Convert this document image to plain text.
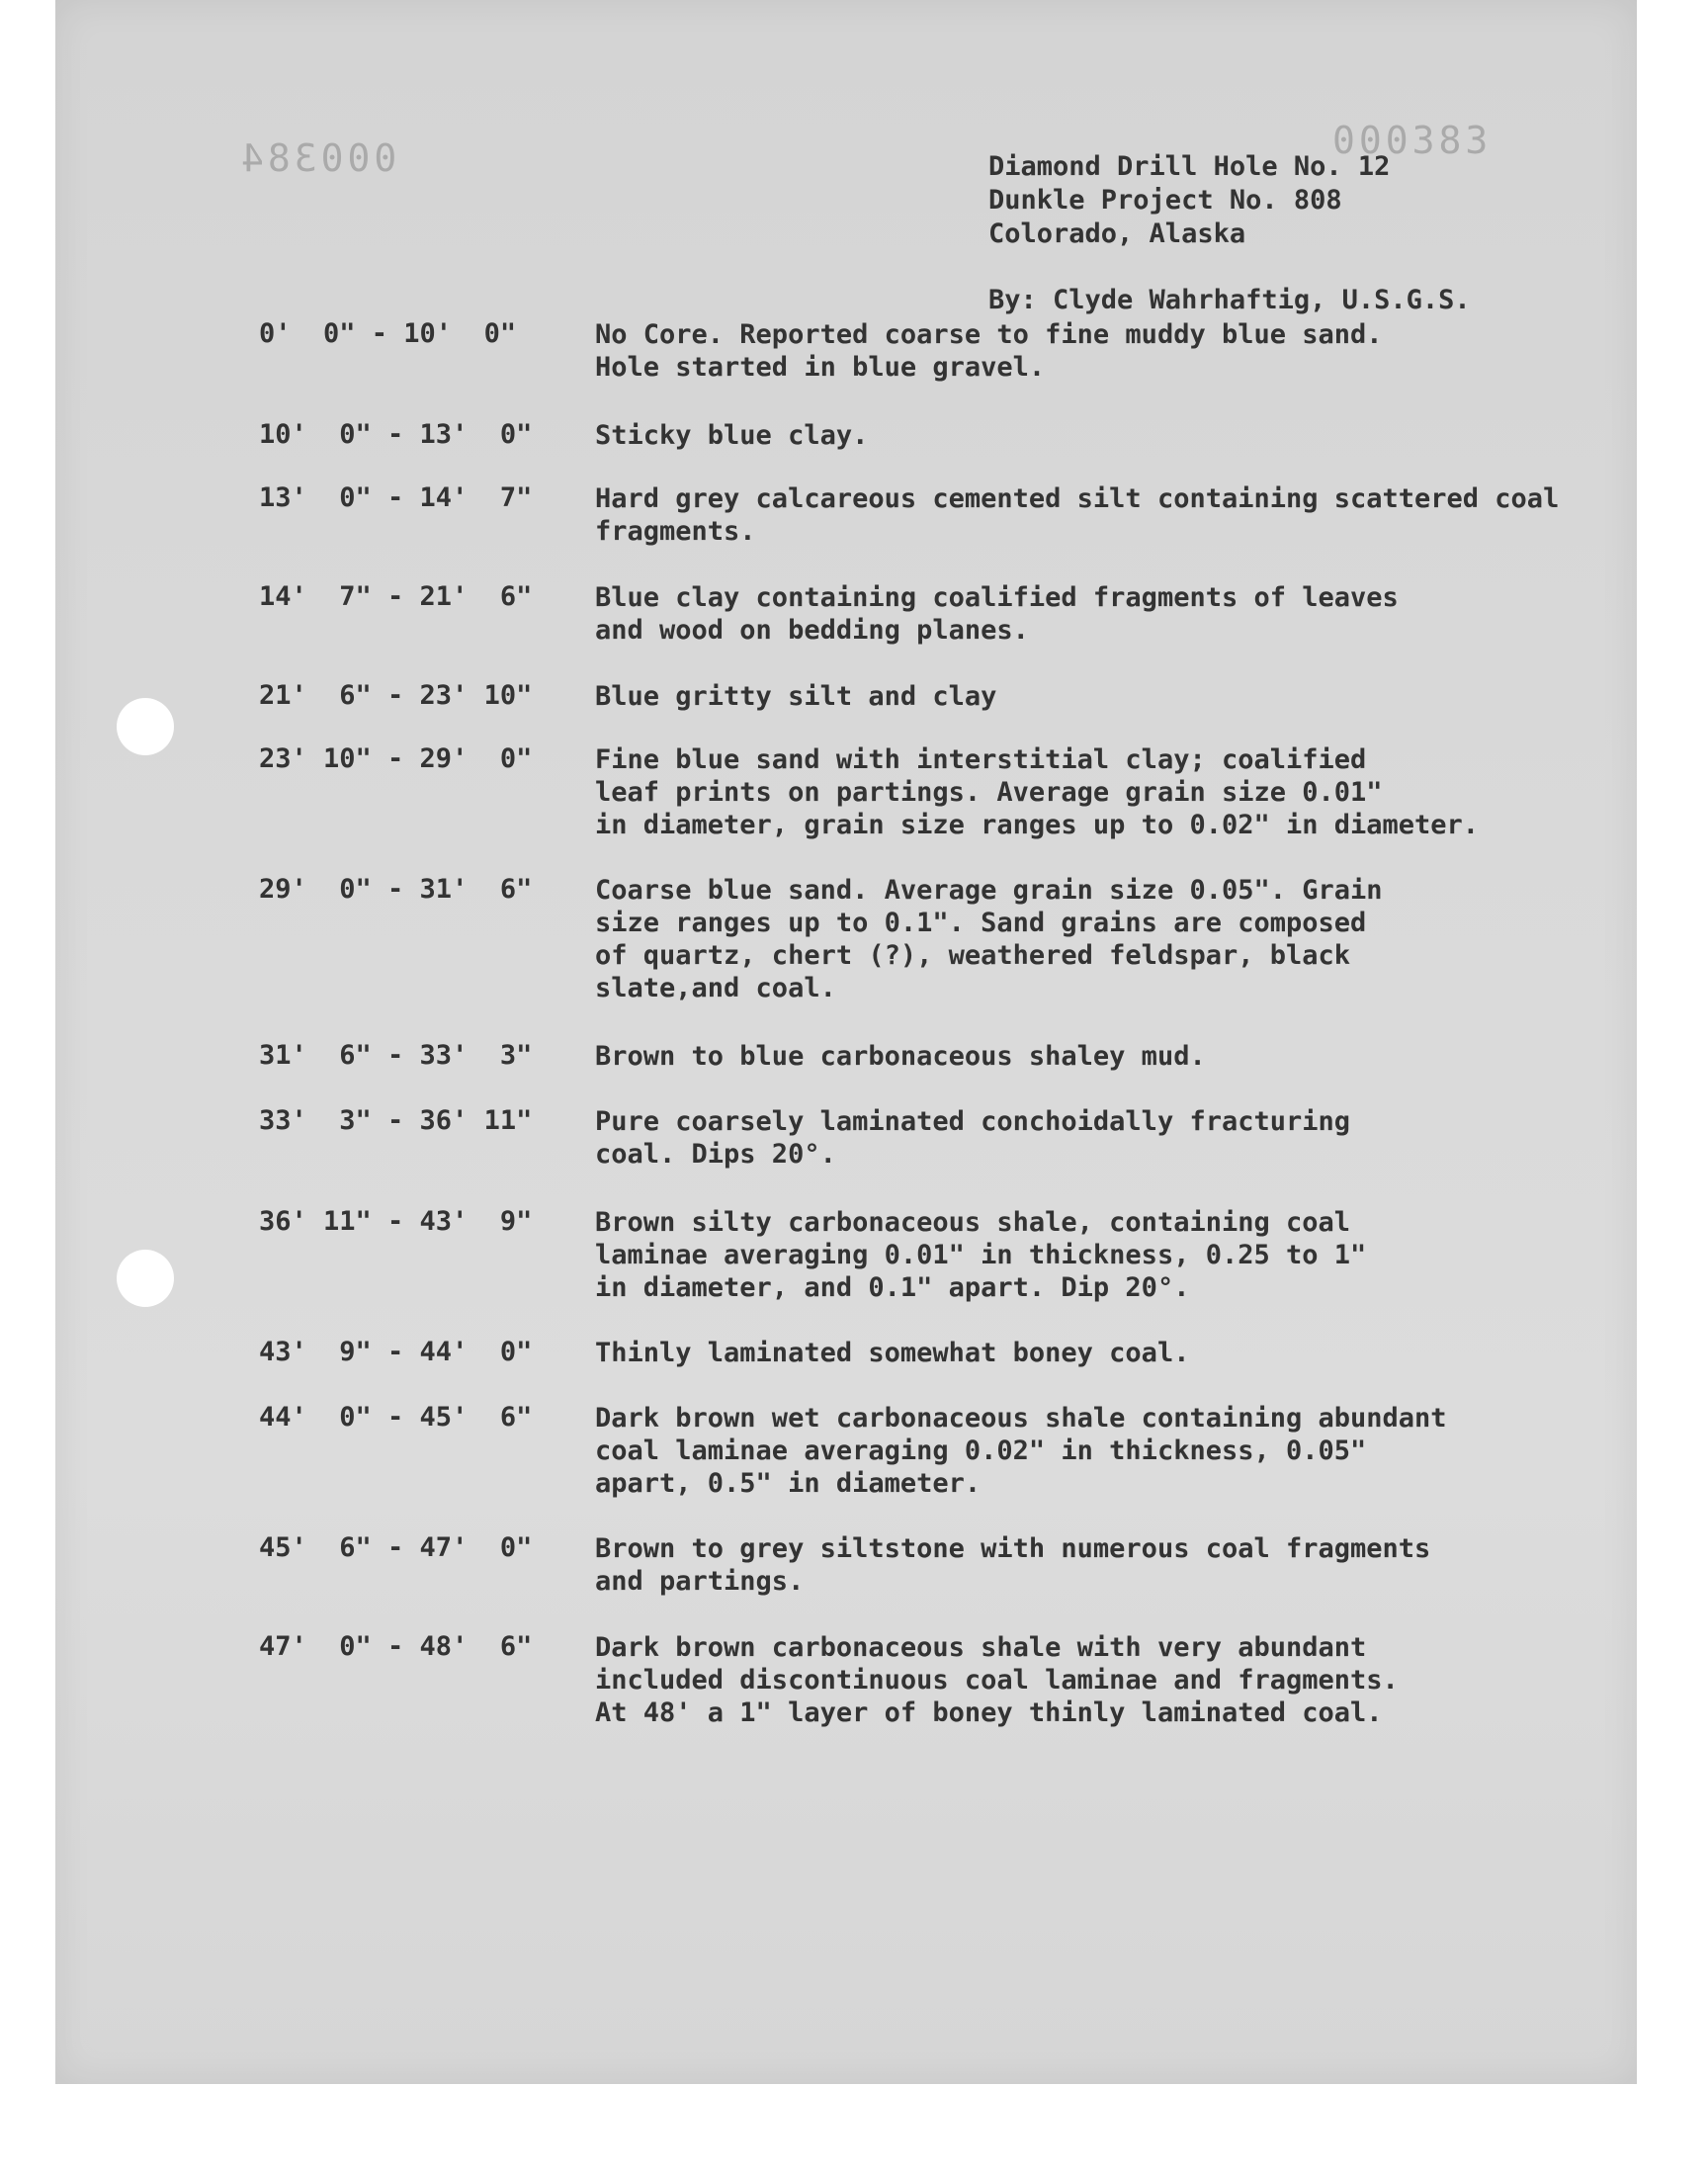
000384	000383
Diamond Drill Hole No. 12
Dunkle Project No. 808
Colorado, Alaska
By: Clyde Wahrhaftig, U.S.G.S.
0'  0" - 10'  0"	No Core. Reported coarse to fine muddy blue sand.
Hole started in blue gravel.
10'  0" - 13'  0"	Sticky blue clay.
13'  0" - 14'  7"	Hard grey calcareous cemented silt containing scattered coal
fragments.
14'  7" - 21'  6"	Blue clay containing coalified fragments of leaves
and wood on bedding planes.
21'  6" - 23' 10"	Blue gritty silt and clay
23' 10" - 29'  0"	Fine blue sand with interstitial clay; coalified
leaf prints on partings. Average grain size 0.01"
in diameter, grain size ranges up to 0.02" in diameter.
29'  0" - 31'  6"	Coarse blue sand. Average grain size 0.05". Grain
size ranges up to 0.1". Sand grains are composed
of quartz, chert (?), weathered feldspar, black
slate,and coal.
31'  6" - 33'  3"	Brown to blue carbonaceous shaley mud.
33'  3" - 36' 11"	Pure coarsely laminated conchoidally fracturing
coal. Dips 20°.
36' 11" - 43'  9"	Brown silty carbonaceous shale, containing coal
laminae averaging 0.01" in thickness, 0.25 to 1"
in diameter, and 0.1" apart. Dip 20°.
43'  9" - 44'  0"	Thinly laminated somewhat boney coal.
44'  0" - 45'  6"	Dark brown wet carbonaceous shale containing abundant
coal laminae averaging 0.02" in thickness, 0.05"
apart, 0.5" in diameter.
45'  6" - 47'  0"	Brown to grey siltstone with numerous coal fragments
and partings.
47'  0" - 48'  6"	Dark brown carbonaceous shale with very abundant
included discontinuous coal laminae and fragments.
At 48' a 1" layer of boney thinly laminated coal.
